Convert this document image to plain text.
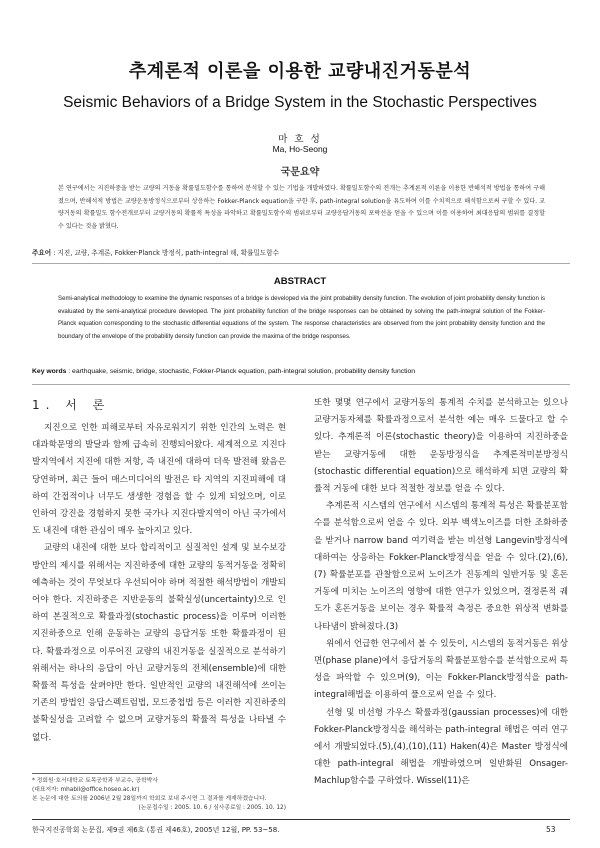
추계론적 이론을 이용한 교량내진거동분석
Seismic Behaviors of a Bridge System in the Stochastic Perspectives
마 호 성
Ma, Ho-Seong
국문요약
본 연구에서는 지진하중을 받는 교량의 거동을 확률밀도함수를 통하여 분석할 수 있는 기법을 개발하였다. 확률밀도함수의 전개는 추계론적 이론을 이용한 반해석적 방법을 통하여 구해졌으며, 반해석적 방법은 교량운동방정식으로부터 상응하는 Fokker-Planck equation을 구한 후, path-integral solution을 유도하여 이를 수치적으로 해석함으로써 구할 수 있다. 교량거동의 확률밀도 함수전개로부터 교량거동의 확률적 특성을 파악하고 확률밀도함수의 범위로부터 교량응답거동의 포락선을 얻을 수 있으며 이를 이용하여 최대응답의 범위를 결정할 수 있다는 것을 밝혔다.
주요어 : 지진, 교량, 추계론, Fokker-Planck 방정식, path-integral 해, 확률밀도함수
ABSTRACT
Semi-analytical methodology to examine the dynamic responses of a bridge is developed via the joint probability density function. The evolution of joint probability density function is evaluated by the semi-analytical procedure developed. The joint probability function of the bridge responses can be obtained by solving the path-integral solution of the Fokker-Planck equation corresponding to the stochastic differential equations of the system. The response characteristics are observed from the joint probability density function and the boundary of the envelope of the probability density function can provide the maxima of the bridge responses.
Key words : earthquake, seismic, bridge, stochastic, Fokker-Planck equation, path-integral solution, probability density function
1. 서 론

지진으로 인한 피해로부터 자유로워지기 위한 인간의 노력은 현대과학문명의 발달과 함께 급속히 진행되어왔다. 세계적으로 지진다발지역에서 지진에 대한 저항, 즉 내진에 대하여 더욱 발전해 왔음은 당연하며, 최근 들어 매스미디어의 발전은 타 지역의 지진피해에 대하여 간접적이나 너무도 생생한 경험을 할 수 있게 되었으며, 이로 인하여 강진을 경험하지 못한 국가나 지진다발지역이 아닌 국가에서도 내진에 대한 관심이 매우 높아지고 있다.

교량의 내진에 대한 보다 합리적이고 실질적인 설계 및 보수보강방안의 제시를 위해서는 지진하중에 대한 교량의 동적거동을 정확히 예측하는 것이 무엇보다 우선되어야 하며 적절한 해석방법이 개발되어야 한다. 지진하중은 지반운동의 불확실성(uncertainty)으로 인하여 본질적으로 확률과정(stochastic process)을 이루며 이러한 지진하중으로 인해 운동하는 교량의 응답거동 또한 확률과정이 된다. 확률과정으로 이루어진 교량의 내진거동을 실질적으로 분석하기 위해서는 하나의 응답이 아닌 교량거동의 전체(ensemble)에 대한 확률적 특성을 살펴야만 한다. 일반적인 교량의 내진해석에 쓰이는 기존의 방법인 응답스펙트럼법, 모드중첩법 등은 이러한 지진하중의 불확실성을 고려할 수 없으며 교량거동의 확률적 특성을 나타낼 수 없다.

또한 몇몇 연구에서 교량거동의 통계적 수치를 분석하고는 있으나 교량거동자체를 확률과정으로서 분석한 예는 매우 드물다고 할 수 있다. 추계론적 이론(stochastic theory)을 이용하여 지진하중을 받는 교량거동에 대한 운동방정식을 추계론적미분방정식 (stochastic differential equation)으로 해석하게 되면 교량의 확률적 거동에 대한 보다 적절한 정보를 얻을 수 있다.

추계론적 시스템의 연구에서 시스템의 통계적 특성은 확률분포함수를 분석함으로써 얻을 수 있다. 외부 백색노이즈를 더한 조화하중을 받거나 narrow band 여기력을 받는 비선형 Langevin방정식에 대하여는 상응하는 Fokker-Planck방정식을 얻을 수 있다.(2),(6),(7) 확률분포를 관찰함으로써 노이즈가 진동계의 일반거동 및 혼돈거동에 미치는 노이즈의 영향에 대한 연구가 있었으며, 결정론적 궤도가 혼돈거동을 보이는 경우 확률적 측정은 중요한 위상적 변화를 나타냄이 밝혀졌다.(3)

위에서 언급한 연구에서 볼 수 있듯이, 시스템의 동적거동은 위상면(phase plane)에서 응답거동의 확률분포함수를 분석함으로써 특성을 파악할 수 있으며(9), 이는 Fokker-Planck방정식을 path-integral해법을 이용하여 풀으로써 얻을 수 있다.

선형 및 비선형 가우스 확률과정(gaussian processes)에 대한 Fokker-Planck방정식을 해석하는 path-integral 해법은 여러 연구에서 개발되었다.(5),(4),(10),(11) Haken(4)은 Master 방정식에 대한 path-integral 해법을 개발하였으며 일반화된 Onsager-Machlup함수를 구하였다. Wissel(11)은

* 정회원·호서대학교 토목공학과 부교수, 공학박사
(대표저자: mhabil@office.hoseo.ac.kr)
본 논문에 대한 토의를 2006년 2월 28일까지 학회로 보내 주시면 그 결과를 게재하겠습니다.
(논문접수일 : 2005. 10. 6 / 심사종료일 : 2005. 10. 12)
한국지진공학회 논문집, 제9권 제6호 (통권 제46호), 2005년 12월, PP. 53~58.	53
